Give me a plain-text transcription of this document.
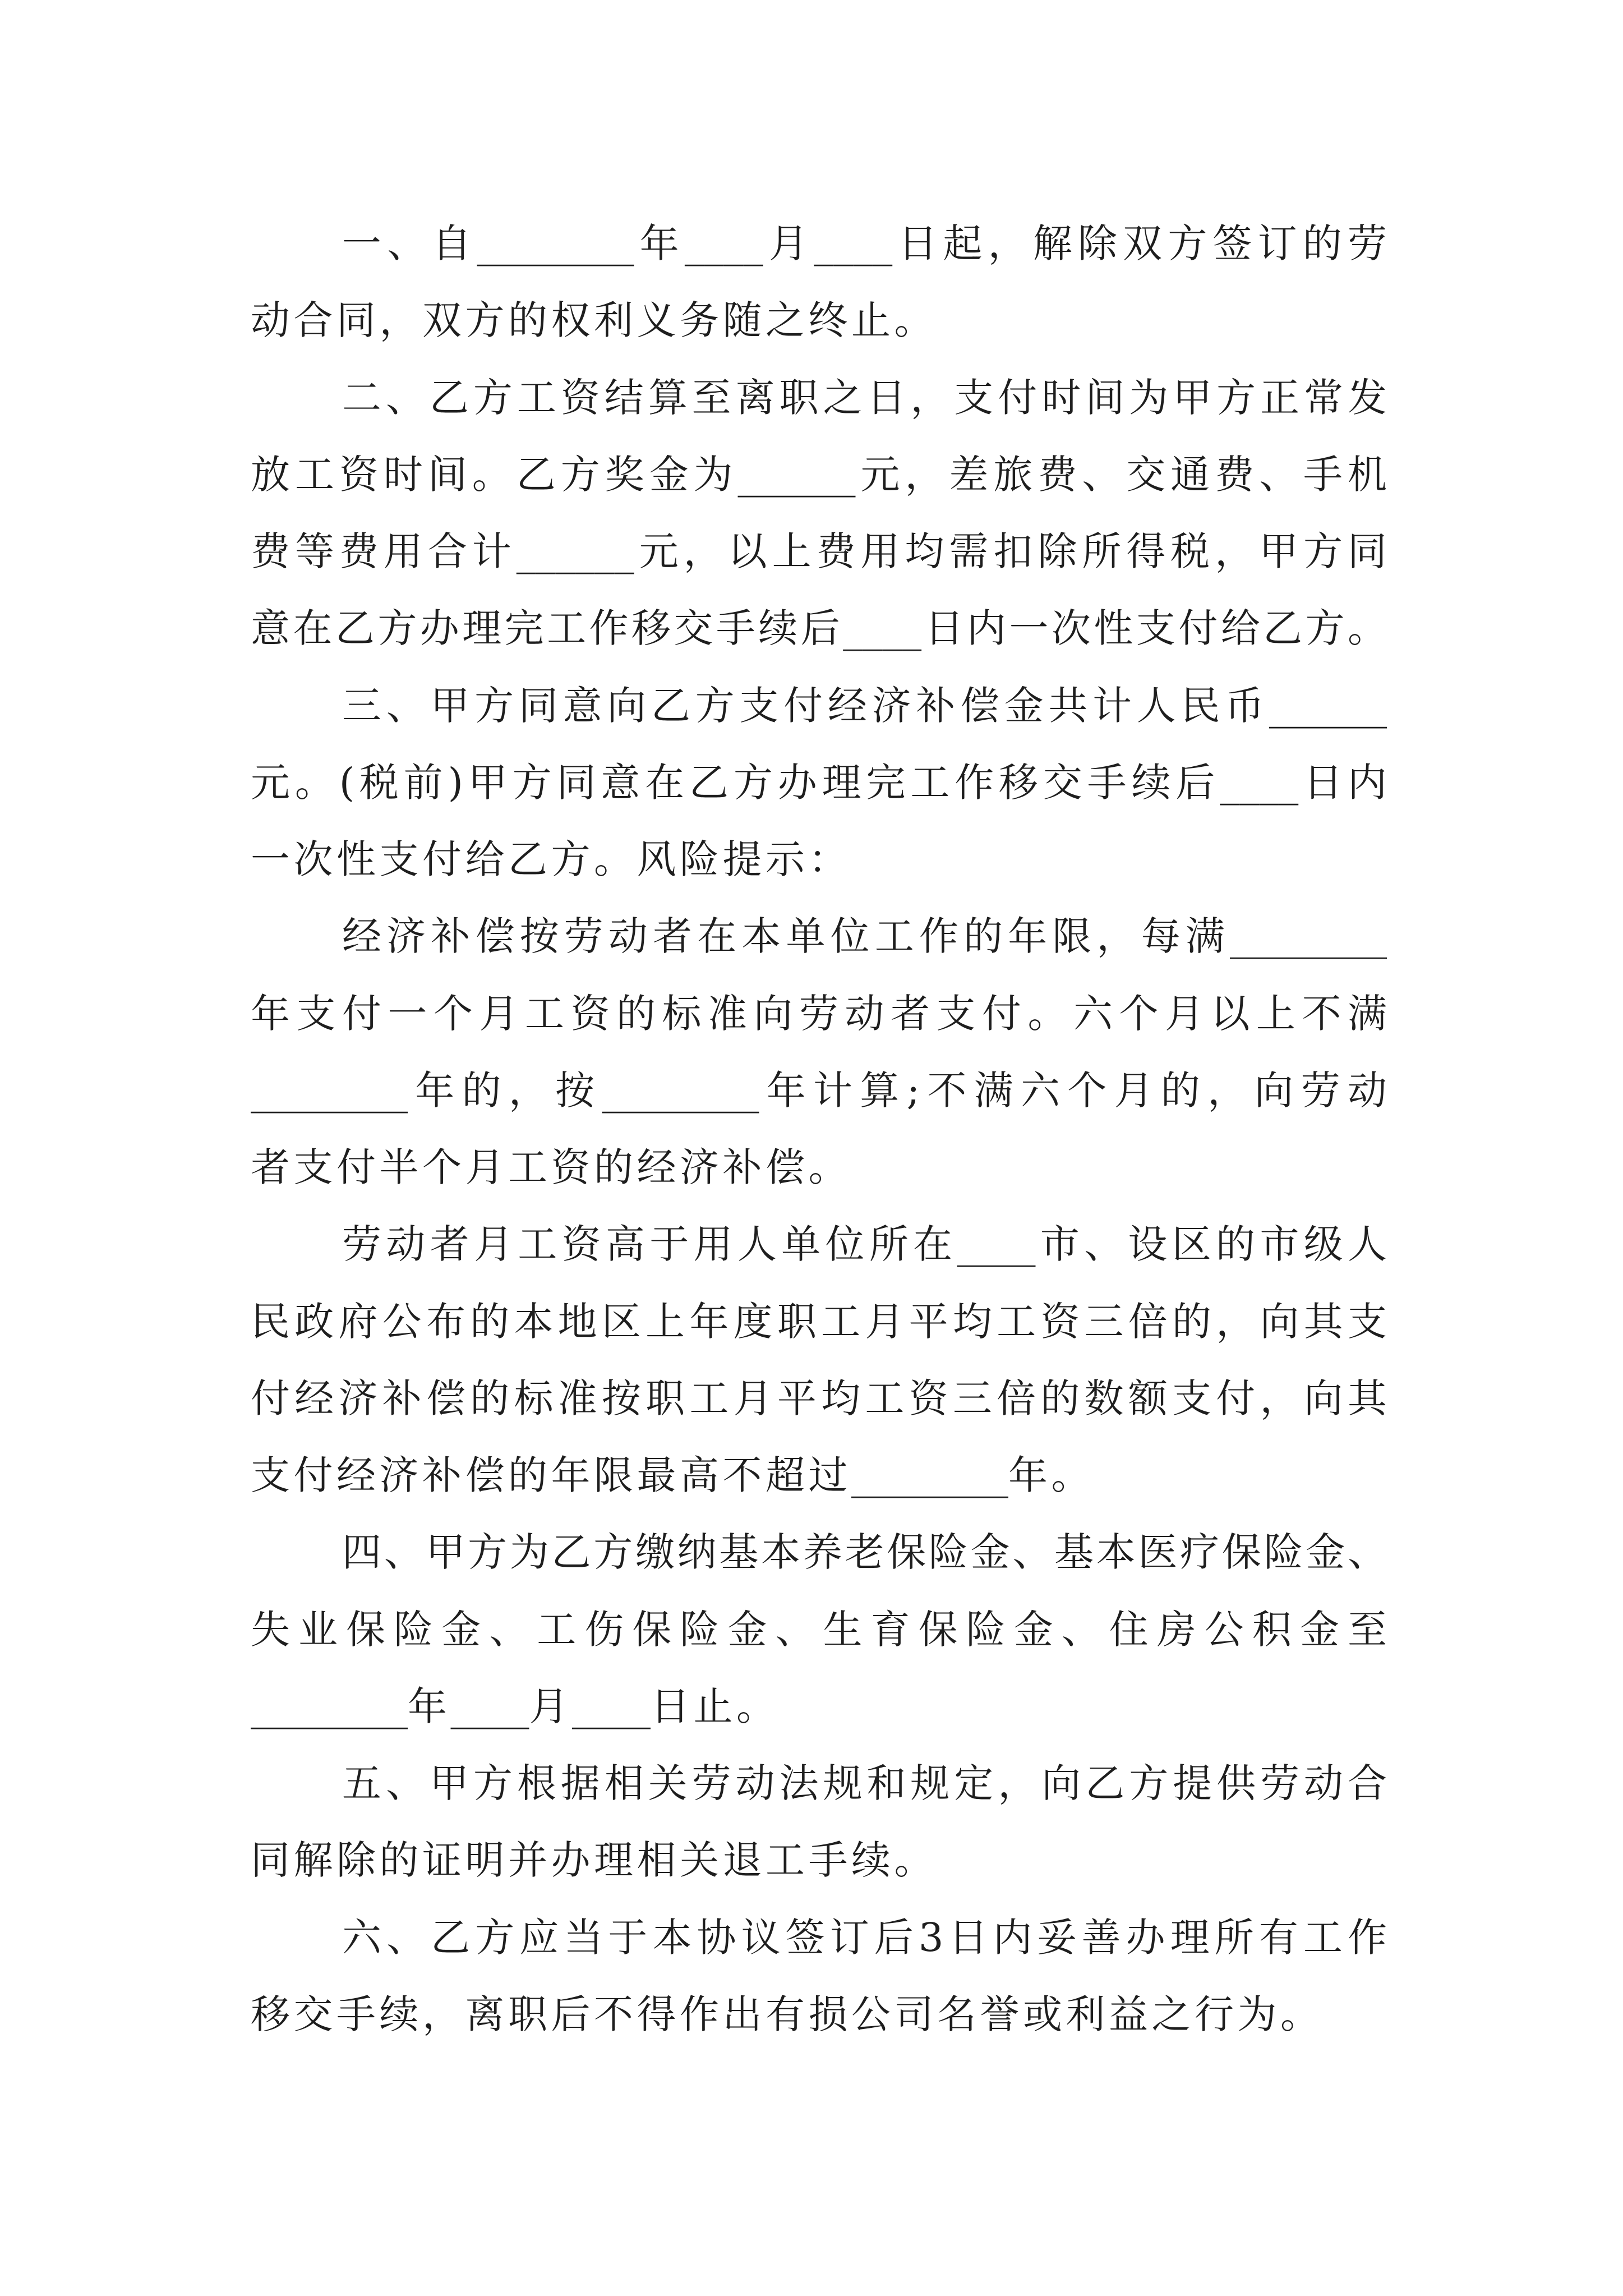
一、自________年____月____日起，解除双方签订的劳
动合同，双方的权利义务随之终止。
二、乙方工资结算至离职之日，支付时间为甲方正常发
放工资时间。乙方奖金为______元，差旅费、交通费、手机
费等费用合计______元，以上费用均需扣除所得税，甲方同
意在乙方办理完工作移交手续后____日内一次性支付给乙方。
三、甲方同意向乙方支付经济补偿金共计人民币______
元。(税前)甲方同意在乙方办理完工作移交手续后____日内
一次性支付给乙方。风险提示：
经济补偿按劳动者在本单位工作的年限，每满________
年支付一个月工资的标准向劳动者支付。六个月以上不满
________年的，按________年计算;不满六个月的，向劳动
者支付半个月工资的经济补偿。
劳动者月工资高于用人单位所在____市、设区的市级人
民政府公布的本地区上年度职工月平均工资三倍的，向其支
付经济补偿的标准按职工月平均工资三倍的数额支付，向其
支付经济补偿的年限最高不超过________年。
四、甲方为乙方缴纳基本养老保险金、基本医疗保险金、
失业保险金、工伤保险金、生育保险金、住房公积金至
________年____月____日止。
五、甲方根据相关劳动法规和规定，向乙方提供劳动合
同解除的证明并办理相关退工手续。
六、乙方应当于本协议签订后3日内妥善办理所有工作
移交手续，离职后不得作出有损公司名誉或利益之行为。
